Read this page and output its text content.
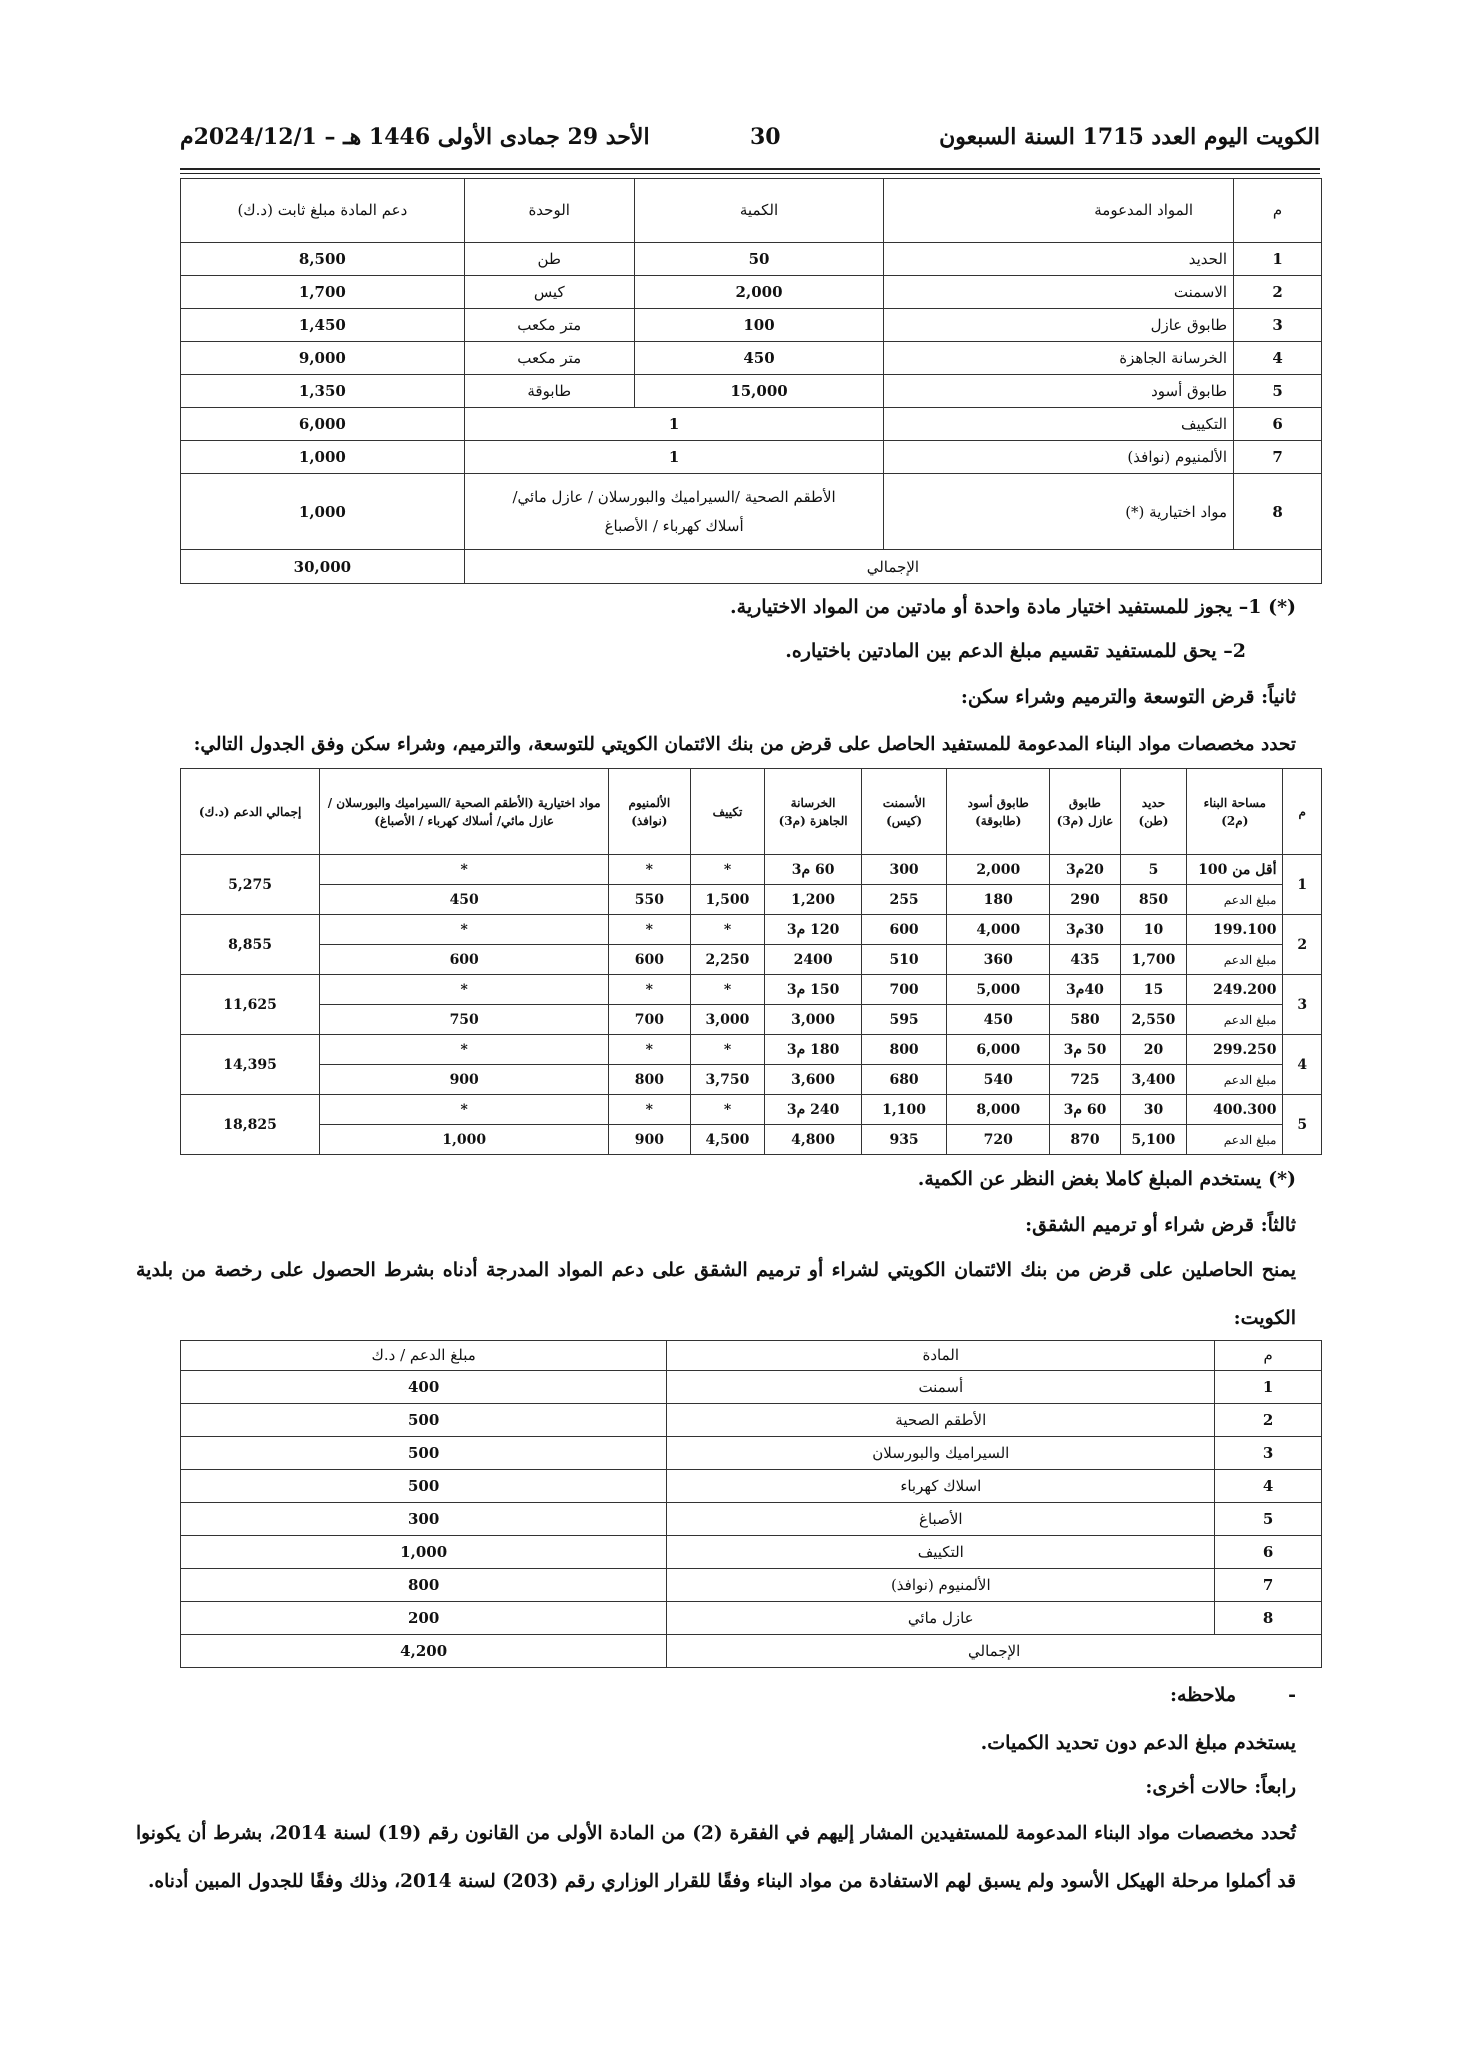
الكويت اليوم العدد 1715 السنة السبعون
30
الأحد 29 جمادى الأولى 1446 هـ – 2024/12/1م
م	المواد المدعومة	الكمية	الوحدة	دعم المادة مبلغ ثابت (د.ك)
1	الحديد	50	طن	8,500
2	الاسمنت	2,000	كيس	1,700
3	طابوق عازل	100	متر مكعب	1,450
4	الخرسانة الجاهزة	450	متر مكعب	9,000
5	طابوق أسود	15,000	طابوقة	1,350
6	التكييف	1		6,000
7	الألمنيوم (نوافذ)	1		1,000
8	مواد اختيارية (*)	الأطقم الصحية /السيراميك والبورسلان / عازل مائي/ أسلاك كهرباء / الأصباغ		1,000
الإجمالي				30,000
(*) 1– يجوز للمستفيد اختيار مادة واحدة أو مادتين من المواد الاختيارية.
2– يحق للمستفيد تقسيم مبلغ الدعم بين المادتين باختياره.
ثانياً: قرض التوسعة والترميم وشراء سكن:
تحدد مخصصات مواد البناء المدعومة للمستفيد الحاصل على قرض من بنك الائتمان الكويتي للتوسعة، والترميم، وشراء سكن وفق الجدول التالي:
م	مساحة البناء (م2)	حديد (طن)	طابوق عازل (م3)	طابوق أسود (طابوقة)	الأسمنت (كيس)	الخرسانة الجاهزة (م3)	تكييف	الألمنيوم (نوافذ)	مواد اختيارية (الأطقم الصحية /السيراميك والبورسلان / عازل مائي/ أسلاك كهرباء / الأصباغ)	إجمالي الدعم (د.ك)
1	أقل من 100	5	20م3	2,000	300	60 م3	*	*	*	5,275
	مبلغ الدعم	850	290	180	255	1,200	1,500	550	450	
2	199.100	10	30م3	4,000	600	120 م3	*	*	*	8,855
	مبلغ الدعم	1,700	435	360	510	2400	2,250	600	600	
3	249.200	15	40م3	5,000	700	150 م3	*	*	*	11,625
	مبلغ الدعم	2,550	580	450	595	3,000	3,000	700	750	
4	299.250	20	50 م3	6,000	800	180 م3	*	*	*	14,395
	مبلغ الدعم	3,400	725	540	680	3,600	3,750	800	900	
5	400.300	30	60 م3	8,000	1,100	240 م3	*	*	*	18,825
	مبلغ الدعم	5,100	870	720	935	4,800	4,500	900	1,000	
(*) يستخدم المبلغ كاملا بغض النظر عن الكمية.
ثالثاً: قرض شراء أو ترميم الشقق:
يمنح الحاصلين على قرض من بنك الائتمان الكويتي لشراء أو ترميم الشقق على دعم المواد المدرجة أدناه بشرط الحصول على رخصة من بلدية الكويت:
م	المادة	مبلغ الدعم / د.ك
1	أسمنت	400
2	الأطقم الصحية	500
3	السيراميك والبورسلان	500
4	اسلاك كهرباء	500
5	الأصباغ	300
6	التكييف	1,000
7	الألمنيوم (نوافذ)	800
8	عازل مائي	200
الإجمالي		4,200
-
ملاحظه:
يستخدم مبلغ الدعم دون تحديد الكميات.
رابعاً: حالات أخرى:
تُحدد مخصصات مواد البناء المدعومة للمستفيدين المشار إليهم في الفقرة (2) من المادة الأولى من القانون رقم (19) لسنة 2014، بشرط أن يكونوا قد أكملوا مرحلة الهيكل الأسود ولم يسبق لهم الاستفادة من مواد البناء وفقًا للقرار الوزاري رقم (203) لسنة 2014، وذلك وفقًا للجدول المبين أدناه.
